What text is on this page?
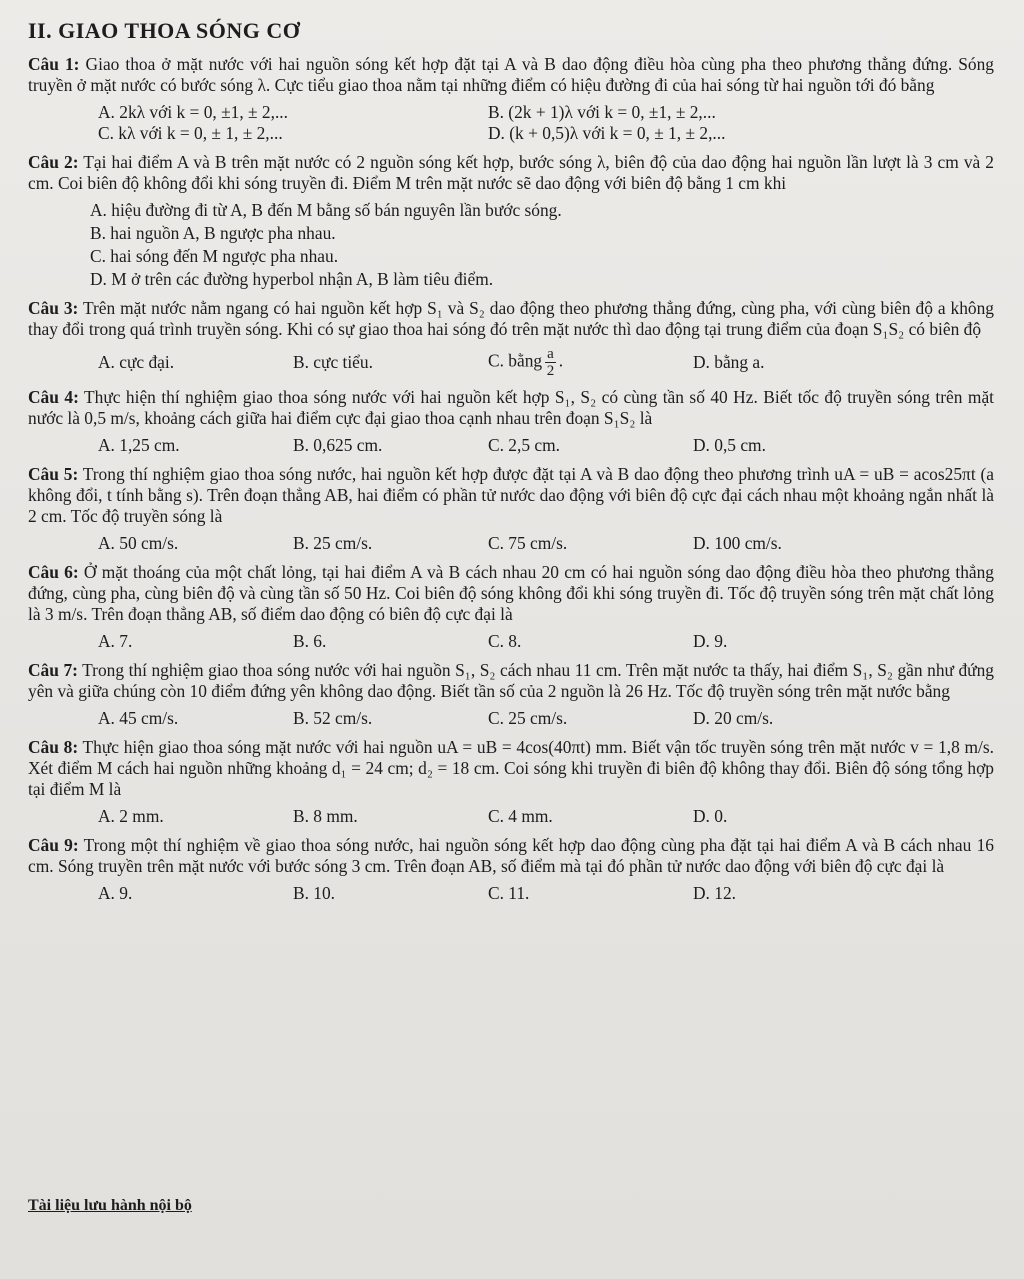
II. GIAO THOA SÓNG CƠ

Câu 1: Giao thoa ở mặt nước với hai nguồn sóng kết hợp đặt tại A và B dao động điều hòa cùng pha theo phương thẳng đứng. Sóng truyền ở mặt nước có bước sóng λ. Cực tiểu giao thoa nằm tại những điểm có hiệu đường đi của hai sóng từ hai nguồn tới đó bằng

A. 2kλ với k = 0, ±1, ± 2,...	B. (2k + 1)λ với k = 0, ±1, ± 2,...
C. kλ với k = 0, ± 1, ± 2,...	D. (k + 0,5)λ với k = 0, ± 1, ± 2,...

Câu 2: Tại hai điểm A và B trên mặt nước có 2 nguồn sóng kết hợp, bước sóng λ, biên độ của dao động hai nguồn lần lượt là 3 cm và 2 cm. Coi biên độ không đổi khi sóng truyền đi. Điểm M trên mặt nước sẽ dao động với biên độ bằng 1 cm khi

A. hiệu đường đi từ A, B đến M bằng số bán nguyên lần bước sóng.
B. hai nguồn A, B ngược pha nhau.
C. hai sóng đến M ngược pha nhau.
D. M ở trên các đường hyperbol nhận A, B làm tiêu điểm.

Câu 3: Trên mặt nước nằm ngang có hai nguồn kết hợp S₁ và S₂ dao động theo phương thẳng đứng, cùng pha, với cùng biên độ a không thay đổi trong quá trình truyền sóng. Khi có sự giao thoa hai sóng đó trên mặt nước thì dao động tại trung điểm của đoạn S₁S₂ có biên độ

A. cực đại.	B. cực tiểu.	C. bằng $\frac{a}{2}$ .	D. bằng a.

Câu 4: Thực hiện thí nghiệm giao thoa sóng nước với hai nguồn kết hợp S₁, S₂ có cùng tần số 40 Hz. Biết tốc độ truyền sóng trên mặt nước là 0,5 m/s, khoảng cách giữa hai điểm cực đại giao thoa cạnh nhau trên đoạn S₁S₂ là

A. 1,25 cm.	B. 0,625 cm.	C. 2,5 cm.	D. 0,5 cm.

Câu 5: Trong thí nghiệm giao thoa sóng nước, hai nguồn kết hợp được đặt tại A và B dao động theo phương trình uA = uB = acos25πt (a không đổi, t tính bằng s). Trên đoạn thẳng AB, hai điểm có phần tử nước dao động với biên độ cực đại cách nhau một khoảng ngắn nhất là 2 cm. Tốc độ truyền sóng là

A. 50 cm/s.	B. 25 cm/s.	C. 75 cm/s.	D. 100 cm/s.

Câu 6: Ở mặt thoáng của một chất lỏng, tại hai điểm A và B cách nhau 20 cm có hai nguồn sóng dao động điều hòa theo phương thẳng đứng, cùng pha, cùng biên độ và cùng tần số 50 Hz. Coi biên độ sóng không đổi khi sóng truyền đi. Tốc độ truyền sóng trên mặt chất lỏng là 3 m/s. Trên đoạn thẳng AB, số điểm dao động có biên độ cực đại là

A. 7.	B. 6.	C. 8.	D. 9.

Câu 7: Trong thí nghiệm giao thoa sóng nước với hai nguồn S₁, S₂ cách nhau 11 cm. Trên mặt nước ta thấy, hai điểm S₁, S₂ gần như đứng yên và giữa chúng còn 10 điểm đứng yên không dao động. Biết tần số của 2 nguồn là 26 Hz. Tốc độ truyền sóng trên mặt nước bằng

A. 45 cm/s.	B. 52 cm/s.	C. 25 cm/s.	D. 20 cm/s.

Câu 8: Thực hiện giao thoa sóng mặt nước với hai nguồn uA = uB = 4cos(40πt) mm. Biết vận tốc truyền sóng trên mặt nước v = 1,8 m/s. Xét điểm M cách hai nguồn những khoảng d₁ = 24 cm; d₂ = 18 cm. Coi sóng khi truyền đi biên độ không thay đổi. Biên độ sóng tổng hợp tại điểm M là

A. 2 mm.	B. 8 mm.	C. 4 mm.	D. 0.

Câu 9: Trong một thí nghiệm về giao thoa sóng nước, hai nguồn sóng kết hợp dao động cùng pha đặt tại hai điểm A và B cách nhau 16 cm. Sóng truyền trên mặt nước với bước sóng 3 cm. Trên đoạn AB, số điểm mà tại đó phần tử nước dao động với biên độ cực đại là

A. 9.	B. 10.	C. 11.	D. 12.
Tài liệu lưu hành nội bộ
